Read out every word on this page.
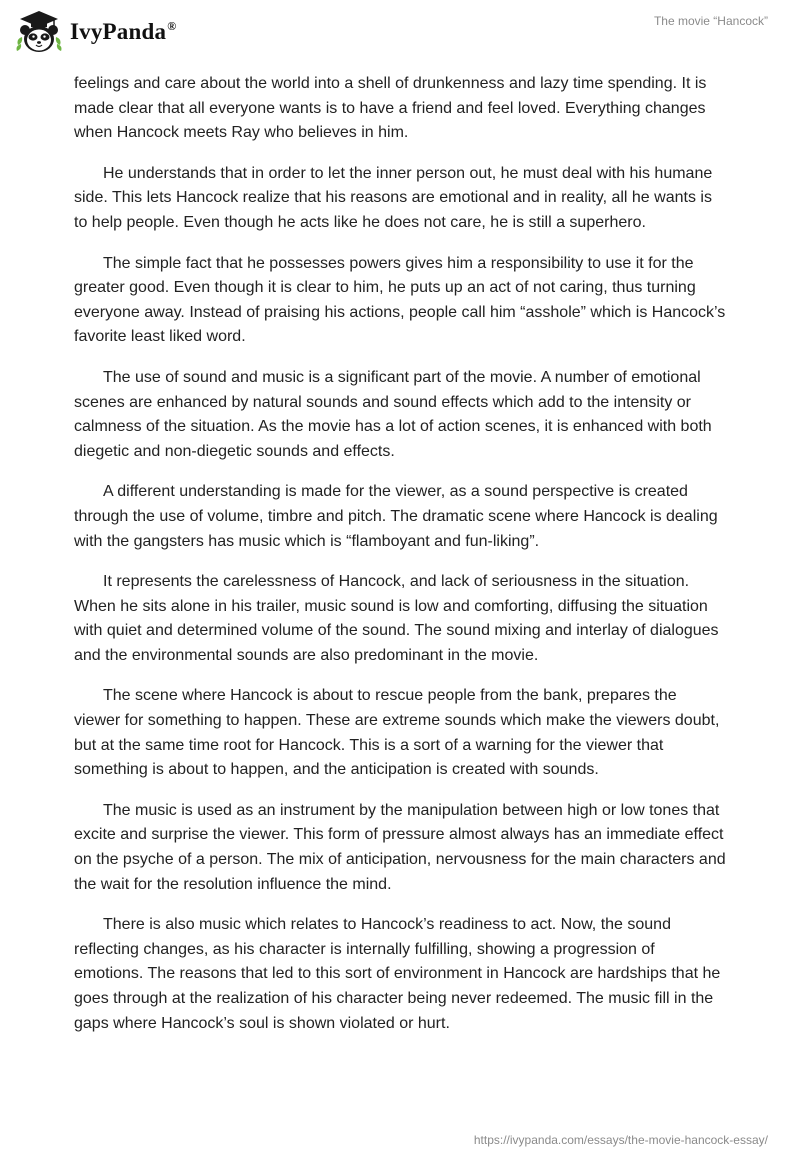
IvyPanda®	The movie “Hancock”

feelings and care about the world into a shell of drunkenness and lazy time spending. It is made clear that all everyone wants is to have a friend and feel loved. Everything changes when Hancock meets Ray who believes in him.

He understands that in order to let the inner person out, he must deal with his humane side. This lets Hancock realize that his reasons are emotional and in reality, all he wants is to help people. Even though he acts like he does not care, he is still a superhero.

The simple fact that he possesses powers gives him a responsibility to use it for the greater good. Even though it is clear to him, he puts up an act of not caring, thus turning everyone away. Instead of praising his actions, people call him “asshole” which is Hancock’s favorite least liked word.

The use of sound and music is a significant part of the movie. A number of emotional scenes are enhanced by natural sounds and sound effects which add to the intensity or calmness of the situation. As the movie has a lot of action scenes, it is enhanced with both diegetic and non-diegetic sounds and effects.

A different understanding is made for the viewer, as a sound perspective is created through the use of volume, timbre and pitch. The dramatic scene where Hancock is dealing with the gangsters has music which is “flamboyant and fun-liking”.

It represents the carelessness of Hancock, and lack of seriousness in the situation. When he sits alone in his trailer, music sound is low and comforting, diffusing the situation with quiet and determined volume of the sound. The sound mixing and interlay of dialogues and the environmental sounds are also predominant in the movie.

The scene where Hancock is about to rescue people from the bank, prepares the viewer for something to happen. These are extreme sounds which make the viewers doubt, but at the same time root for Hancock. This is a sort of a warning for the viewer that something is about to happen, and the anticipation is created with sounds.

The music is used as an instrument by the manipulation between high or low tones that excite and surprise the viewer. This form of pressure almost always has an immediate effect on the psyche of a person. The mix of anticipation, nervousness for the main characters and the wait for the resolution influence the mind.

There is also music which relates to Hancock’s readiness to act. Now, the sound reflecting changes, as his character is internally fulfilling, showing a progression of emotions. The reasons that led to this sort of environment in Hancock are hardships that he goes through at the realization of his character being never redeemed. The music fill in the gaps where Hancock’s soul is shown violated or hurt.

https://ivypanda.com/essays/the-movie-hancock-essay/
